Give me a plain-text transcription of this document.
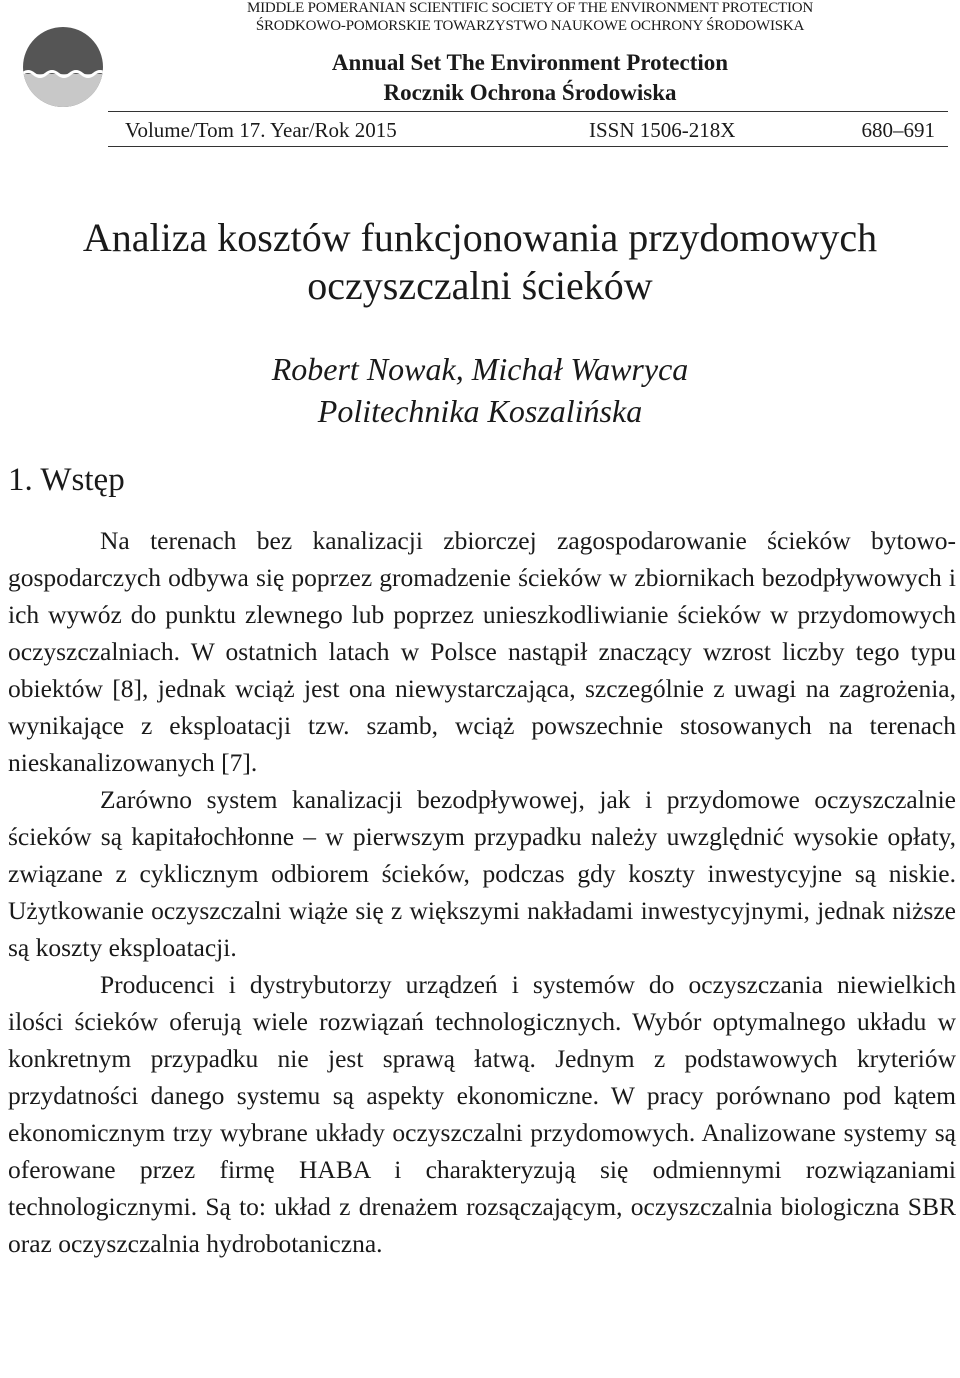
MIDDLE POMERANIAN SCIENTIFIC SOCIETY OF THE ENVIRONMENT PROTECTION
ŚRODKOWO-POMORSKIE TOWARZYSTWO NAUKOWE OCHRONY ŚRODOWISKA
Annual Set The Environment Protection
Rocznik Ochrona Środowiska
Volume/Tom 17. Year/Rok 2015	ISSN 1506-218X	680–691
Analiza kosztów funkcjonowania przydomowych
oczyszczalni ścieków
Robert Nowak, Michał Wawryca
Politechnika Koszalińska
1. Wstęp

Na terenach bez kanalizacji zbiorczej zagospodarowanie ścieków bytowo-gospodarczych odbywa się poprzez gromadzenie ścieków w zbiornikach bezodpływowych i ich wywóz do punktu zlewnego lub poprzez unieszkodliwianie ścieków w przydomowych oczyszczalniach. W ostatnich latach w Polsce nastąpił znaczący wzrost liczby tego typu obiektów [8], jednak wciąż jest ona niewystarczająca, szczególnie z uwagi na zagrożenia, wynikające z eksploatacji tzw. szamb, wciąż powszechnie stosowanych na terenach nieskanalizowanych [7].

Zarówno system kanalizacji bezodpływowej, jak i przydomowe oczyszczalnie ścieków są kapitałochłonne – w pierwszym przypadku należy uwzględnić wysokie opłaty, związane z cyklicznym odbiorem ścieków, podczas gdy koszty inwestycyjne są niskie. Użytkowanie oczyszczalni wiąże się z większymi nakładami inwestycyjnymi, jednak niższe są koszty eksploatacji.

Producenci i dystrybutorzy urządzeń i systemów do oczyszczania niewielkich ilości ścieków oferują wiele rozwiązań technologicznych. Wybór optymalnego układu w konkretnym przypadku nie jest sprawą łatwą. Jednym z podstawowych kryteriów przydatności danego systemu są aspekty ekonomiczne. W pracy porównano pod kątem ekonomicznym trzy wybrane układy oczyszczalni przydomowych. Analizowane systemy są oferowane przez firmę HABA i charakteryzują się odmiennymi rozwiązaniami technologicznymi. Są to: układ z drenażem rozsączającym, oczyszczalnia biologiczna SBR oraz oczyszczalnia hydrobotaniczna.
